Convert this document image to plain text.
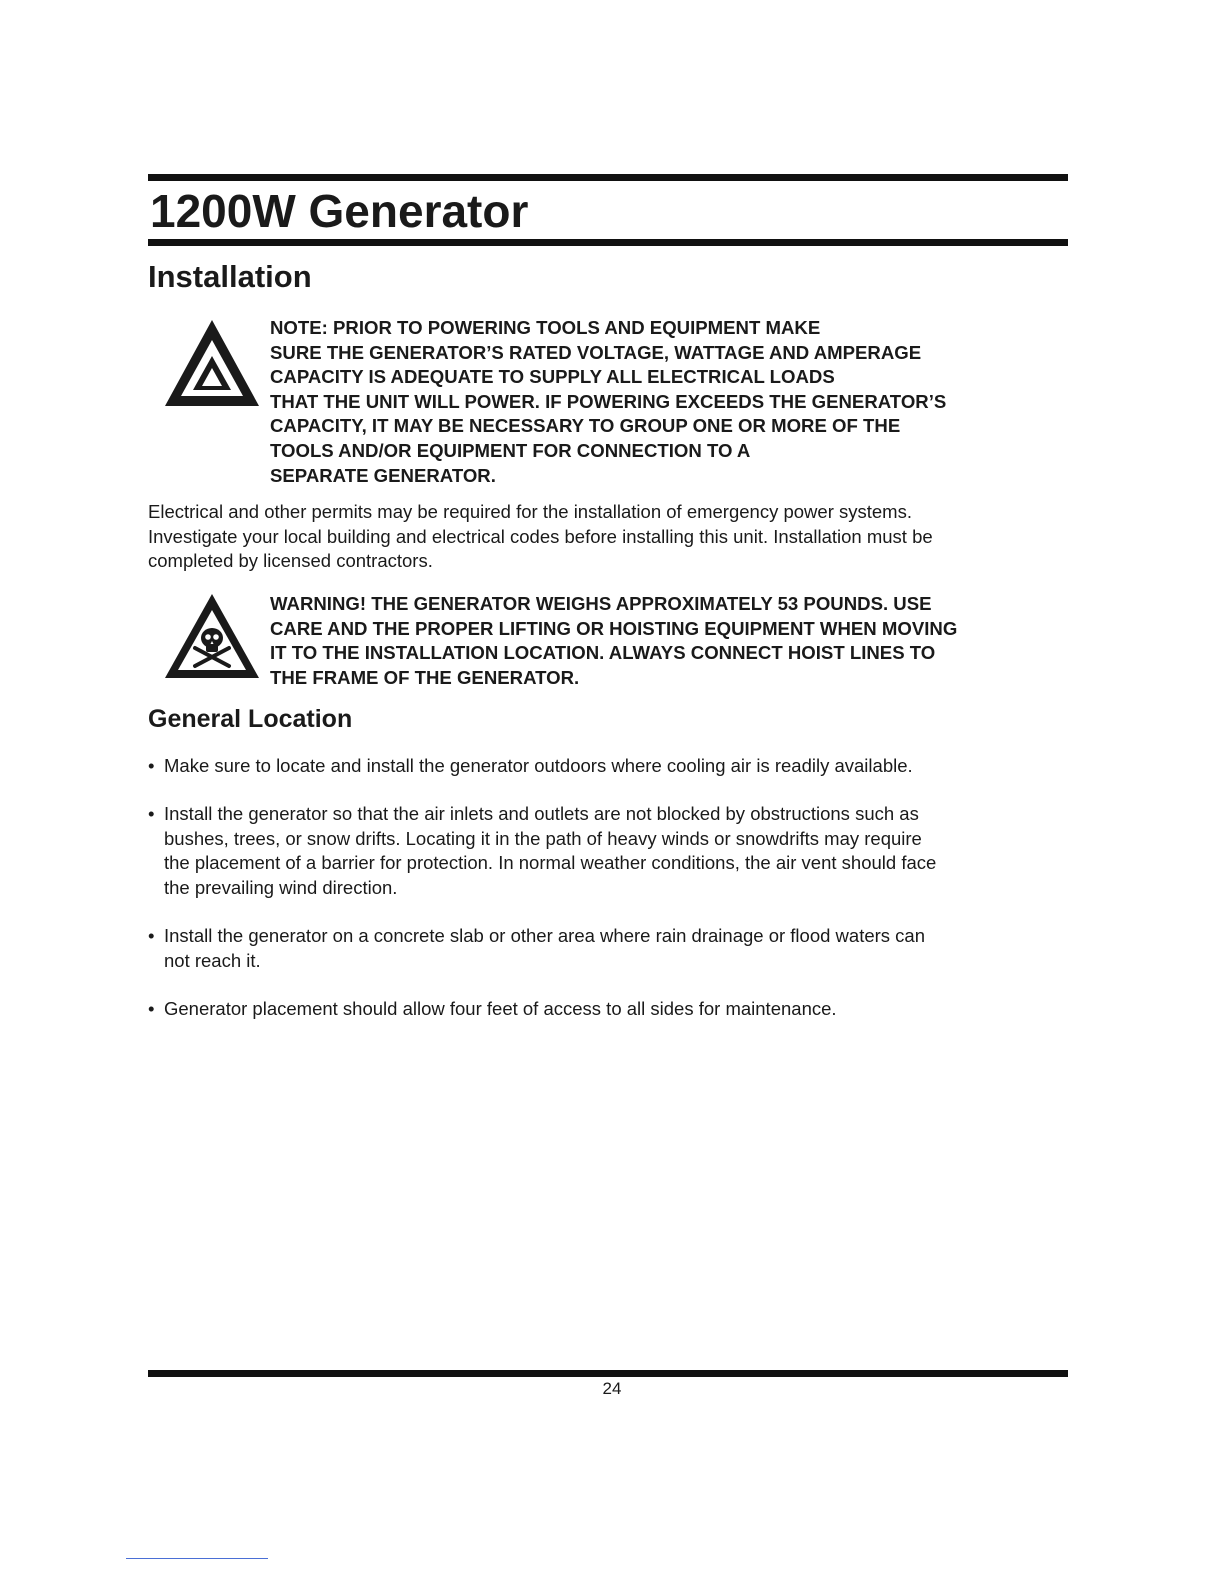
1200W Generator
Installation

NOTE: PRIOR TO POWERING TOOLS AND EQUIPMENT MAKE
SURE THE GENERATOR’S RATED VOLTAGE, WATTAGE AND AMPERAGE
CAPACITY IS ADEQUATE TO SUPPLY ALL ELECTRICAL LOADS
THAT THE UNIT WILL POWER. IF POWERING EXCEEDS THE GENERATOR’S
CAPACITY, IT MAY BE NECESSARY TO GROUP ONE OR MORE OF THE
TOOLS AND/OR EQUIPMENT FOR CONNECTION TO A
SEPARATE GENERATOR.

Electrical and other permits may be required for the installation of emergency power systems.
Investigate your local building and electrical codes before installing this unit. Installation must be
completed by licensed contractors.

WARNING! THE GENERATOR WEIGHS APPROXIMATELY 53 POUNDS. USE
CARE AND THE PROPER LIFTING OR HOISTING EQUIPMENT WHEN MOVING
IT TO THE INSTALLATION LOCATION. ALWAYS CONNECT HOIST LINES TO
THE FRAME OF THE GENERATOR.

General Location

• Make sure to locate and install the generator outdoors where cooling air is readily available.

• Install the generator so that the air inlets and outlets are not blocked by obstructions such as
bushes, trees, or snow drifts. Locating it in the path of heavy winds or snowdrifts may require
the placement of a barrier for protection. In normal weather conditions, the air vent should face
the prevailing wind direction.

• Install the generator on a concrete slab or other area where rain drainage or flood waters can
not reach it.

• Generator placement should allow four feet of access to all sides for maintenance.

24
